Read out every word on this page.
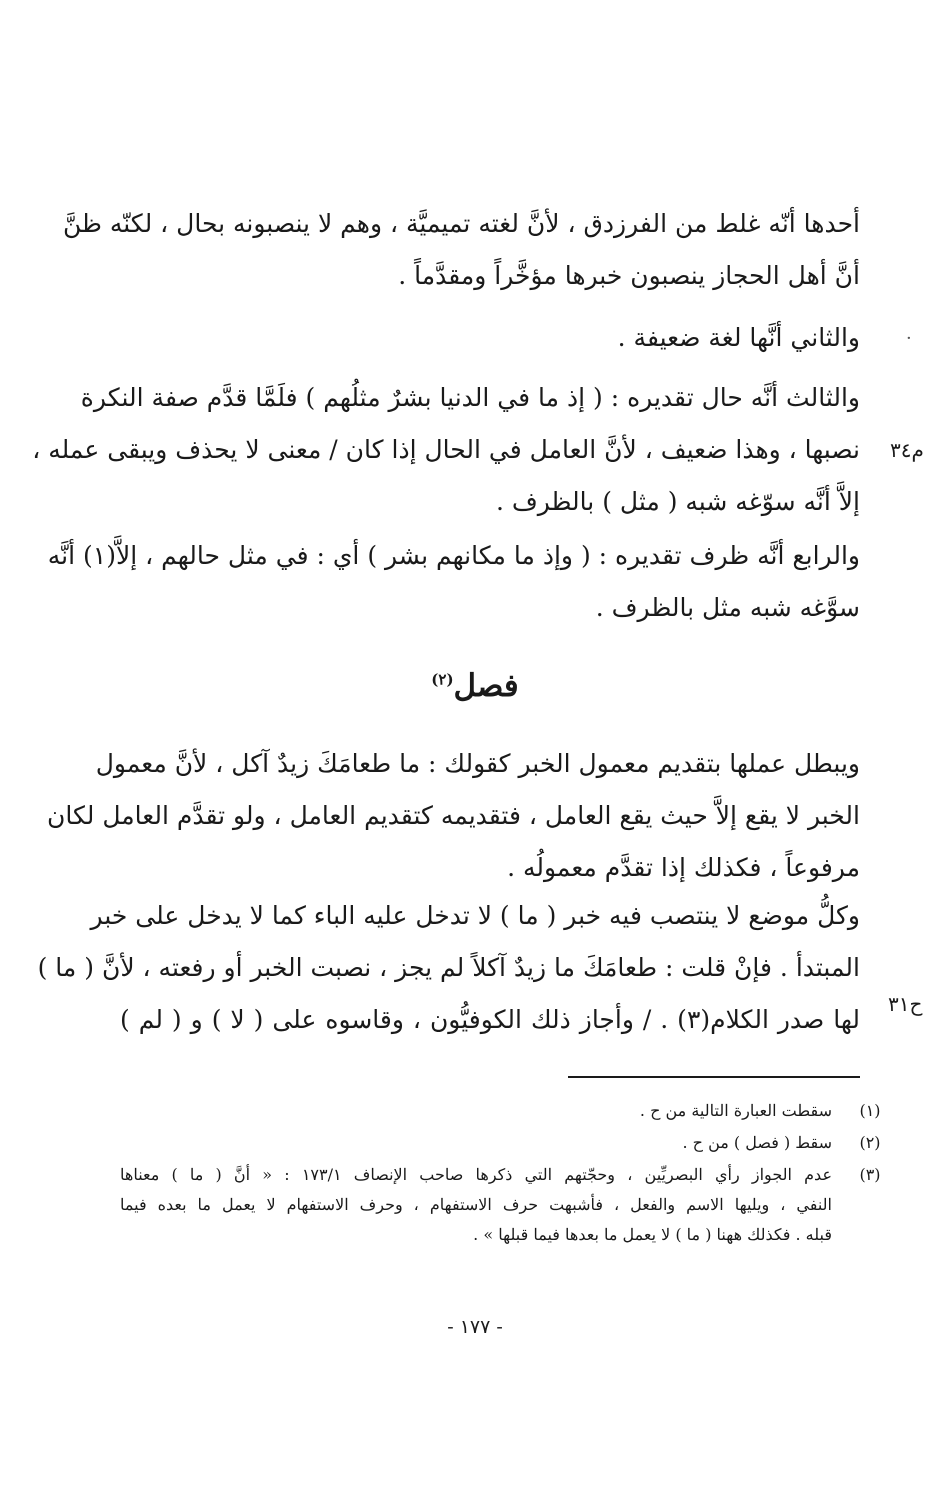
أحدها أنّه غلط من الفرزدق ، لأنَّ لغته تميميَّة ، وهم لا ينصبونه بحال ، لكنّه ظنَّ
أنَّ أهل الحجاز ينصبون خبرها مؤخَّراً ومقدَّماً .
·
والثاني أنَّها لغة ضعيفة .
والثالث أنَّه حال تقديره : ( إذ ما في الدنيا بشرٌ مثلُهم ) فلَمَّا قدَّم صفة النكرة
نصبها ، وهذا ضعيف ، لأنَّ العامل في الحال إذا كان / معنى لا يحذف ويبقى عمله ،
إلاَّ أنَّه سوّغه شبه ( مثل ) بالظرف .
م٣٤
والرابع أنَّه ظرف تقديره : ( وإذ ما مكانهم بشر ) أي : في مثل حالهم ، إلاَّ(١) أنَّه
سوَّغه شبه مثل بالظرف .
فصل$^{(٢)}$
ويبطل عملها بتقديم معمول الخبر كقولك : ما طعامَكَ زيدٌ آكل ، لأنَّ معمول
الخبر لا يقع إلاَّ حيث يقع العامل ، فتقديمه كتقديم العامل ، ولو تقدَّم العامل لكان
مرفوعاً ، فكذلك إذا تقدَّم معمولُه .
وكلُّ موضع لا ينتصب فيه خبر ( ما ) لا تدخل عليه الباء كما لا يدخل على خبر
المبتدأ . فإنْ قلت : طعامَكَ ما زيدٌ آكلاً لم يجز ، نصبت الخبر أو رفعته ، لأنَّ ( ما )
لها صدر الكلام(٣) . / وأجاز ذلك الكوفيُّون ، وقاسوه على ( لا ) و ( لم )
ح٣١
(١)
سقطت العبارة التالية من ح .
(٢)
سقط ( فصل ) من ح .
(٣)
عدم الجواز رأي البصريِّين ، وحجّتهم التي ذكرها صاحب الإنصاف ١٧٣/١ : « أنَّ ( ما ) معناها
النفي ، ويليها الاسم والفعل ، فأشبهت حرف الاستفهام ، وحرف الاستفهام لا يعمل ما بعده فيما
قبله . فكذلك ههنا ( ما ) لا يعمل ما بعدها فيما قبلها » .
- ١٧٧ -
